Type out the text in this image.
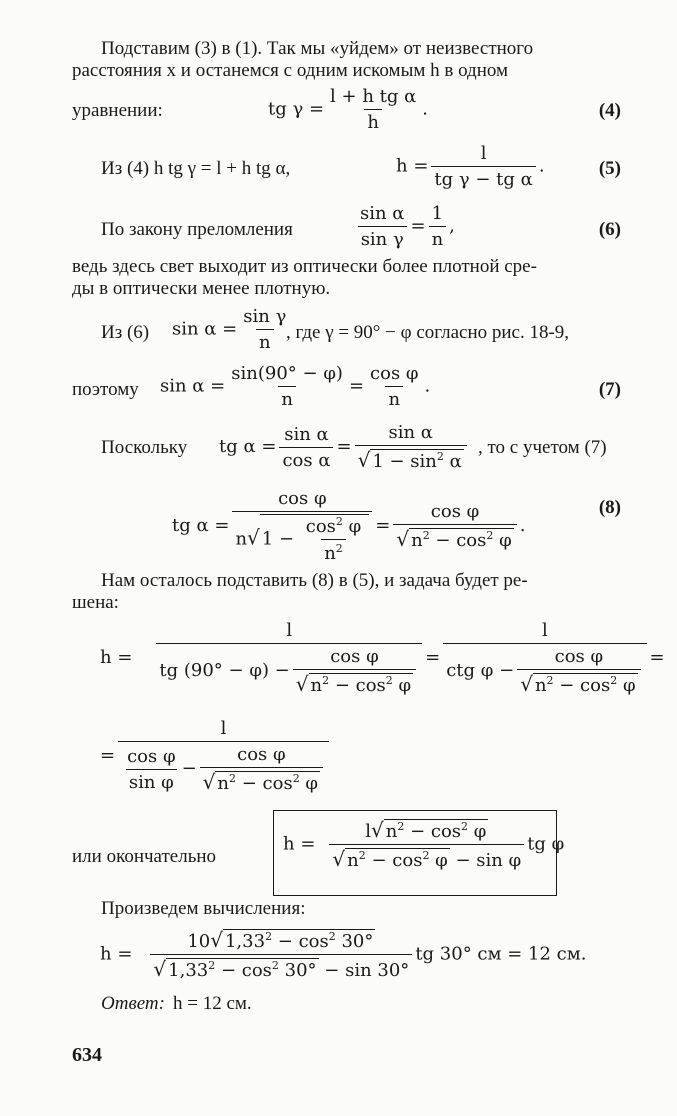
Подставим (3) в (1). Так мы «уйдем» от неизвестного
расстояния x и останемся с одним искомым h в одном
уравнении:	tg $\gamma = \frac{\text{l + h tg α}}{h}$ .	(4)
Из (4) h tg γ = l + h tg α,	$h = \frac{l}{\text{tg γ − tg α}}$ .	(5)
По закону преломления	$\frac{\text{sin α}}{\text{sin γ}} = \frac{1}{n}$ ,	(6)
ведь здесь свет выходит из оптически более плотной сре-
ды в оптически менее плотную.
Из (6) $\sin \alpha = \frac{\text{sin γ}}{n}$
, где γ = 90° − φ согласно рис. 18-9,
поэтому $\sin \alpha = \frac{\sin(90^\circ - \varphi)}{n} = \frac{\text{cos φ}}{n}$ .	(7)
Поскольку tg $\alpha = \frac{\text{sin α}}{\text{cos α}} = \frac{\text{sin α}}{√ 1 - \sin^2 \alpha}$ , то с учетом (7)
tg $\alpha = \frac{\text{cos φ}}{n√ 1 - \frac{\cos^2 \varphi}{n^2}} = \frac{\text{cos φ}}{√ n^2 - \cos^2 \varphi}$ .
(8)
Нам осталось подставить (8) в (5), и задача будет ре-
шена:
$h = \frac{l}{tg (90^\circ - \varphi) - \frac{\text{cos φ}}{√ n^2 - \cos^2 \varphi}} = \frac{l}{ctg \varphi - \frac{\text{cos φ}}{√ n^2 - \cos^2 \varphi}}$ =
= $\frac{l}{\frac{\text{cos φ}}{\text{sin φ}} - \frac{\text{cos φ}}{√ n^2 - \cos^2 \varphi}}$
или окончательно
$h = \frac{l√ n^2 - \cos^2 \varphi}{√ n^2 - \cos^2 \varphi - \sin \varphi}$ tg φ
Произведем вычисления:
$h = \frac{10√ 1,33^2 - \cos^2 30^\circ}{√ 1,33^2 - \cos^2 30^\circ - \sin 30^\circ}$ tg 30° см = 12 см.
Ответ: h = 12 см.
634
